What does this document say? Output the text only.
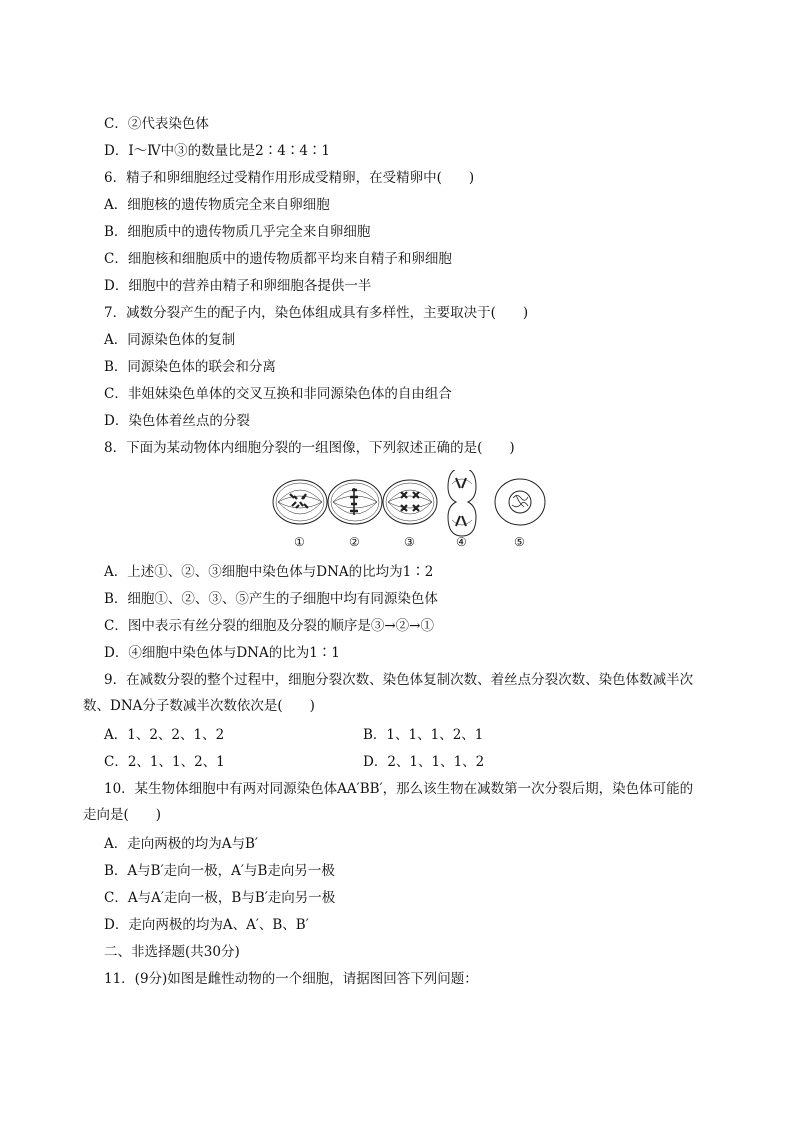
C．②代表染色体
D．Ⅰ～Ⅳ中③的数量比是2∶4∶4∶1
6．精子和卵细胞经过受精作用形成受精卵，在受精卵中(　　)
A．细胞核的遗传物质完全来自卵细胞
B．细胞质中的遗传物质几乎完全来自卵细胞
C．细胞核和细胞质中的遗传物质都平均来自精子和卵细胞
D．细胞中的营养由精子和卵细胞各提供一半
7．减数分裂产生的配子内，染色体组成具有多样性，主要取决于(　　)
A．同源染色体的复制
B．同源染色体的联会和分离
C．非姐妹染色单体的交叉互换和非同源染色体的自由组合
D．染色体着丝点的分裂
8．下面为某动物体内细胞分裂的一组图像，下列叙述正确的是(　　)
①	②	③	④	⑤
A．上述①、②、③细胞中染色体与DNA的比均为1∶2
B．细胞①、②、③、⑤产生的子细胞中均有同源染色体
C．图中表示有丝分裂的细胞及分裂的顺序是③→②→①
D．④细胞中染色体与DNA的比为1∶1
9．在减数分裂的整个过程中，细胞分裂次数、染色体复制次数、着丝点分裂次数、染色体数减半次
数、DNA分子数减半次数依次是(　　)
A．1、2、2、1、2	B．1、1、1、2、1
C．2、1、1、2、1	D．2、1、1、1、2
10．某生物体细胞中有两对同源染色体AA′BB′，那么该生物在减数第一次分裂后期，染色体可能的
走向是(　　)
A．走向两极的均为A与B′
B．A与B′走向一极，A′与B走向另一极
C．A与A′走向一极，B与B′走向另一极
D．走向两极的均为A、A′、B、B′
二、非选择题(共30分)
11．(9分)如图是雌性动物的一个细胞，请据图回答下列问题：
